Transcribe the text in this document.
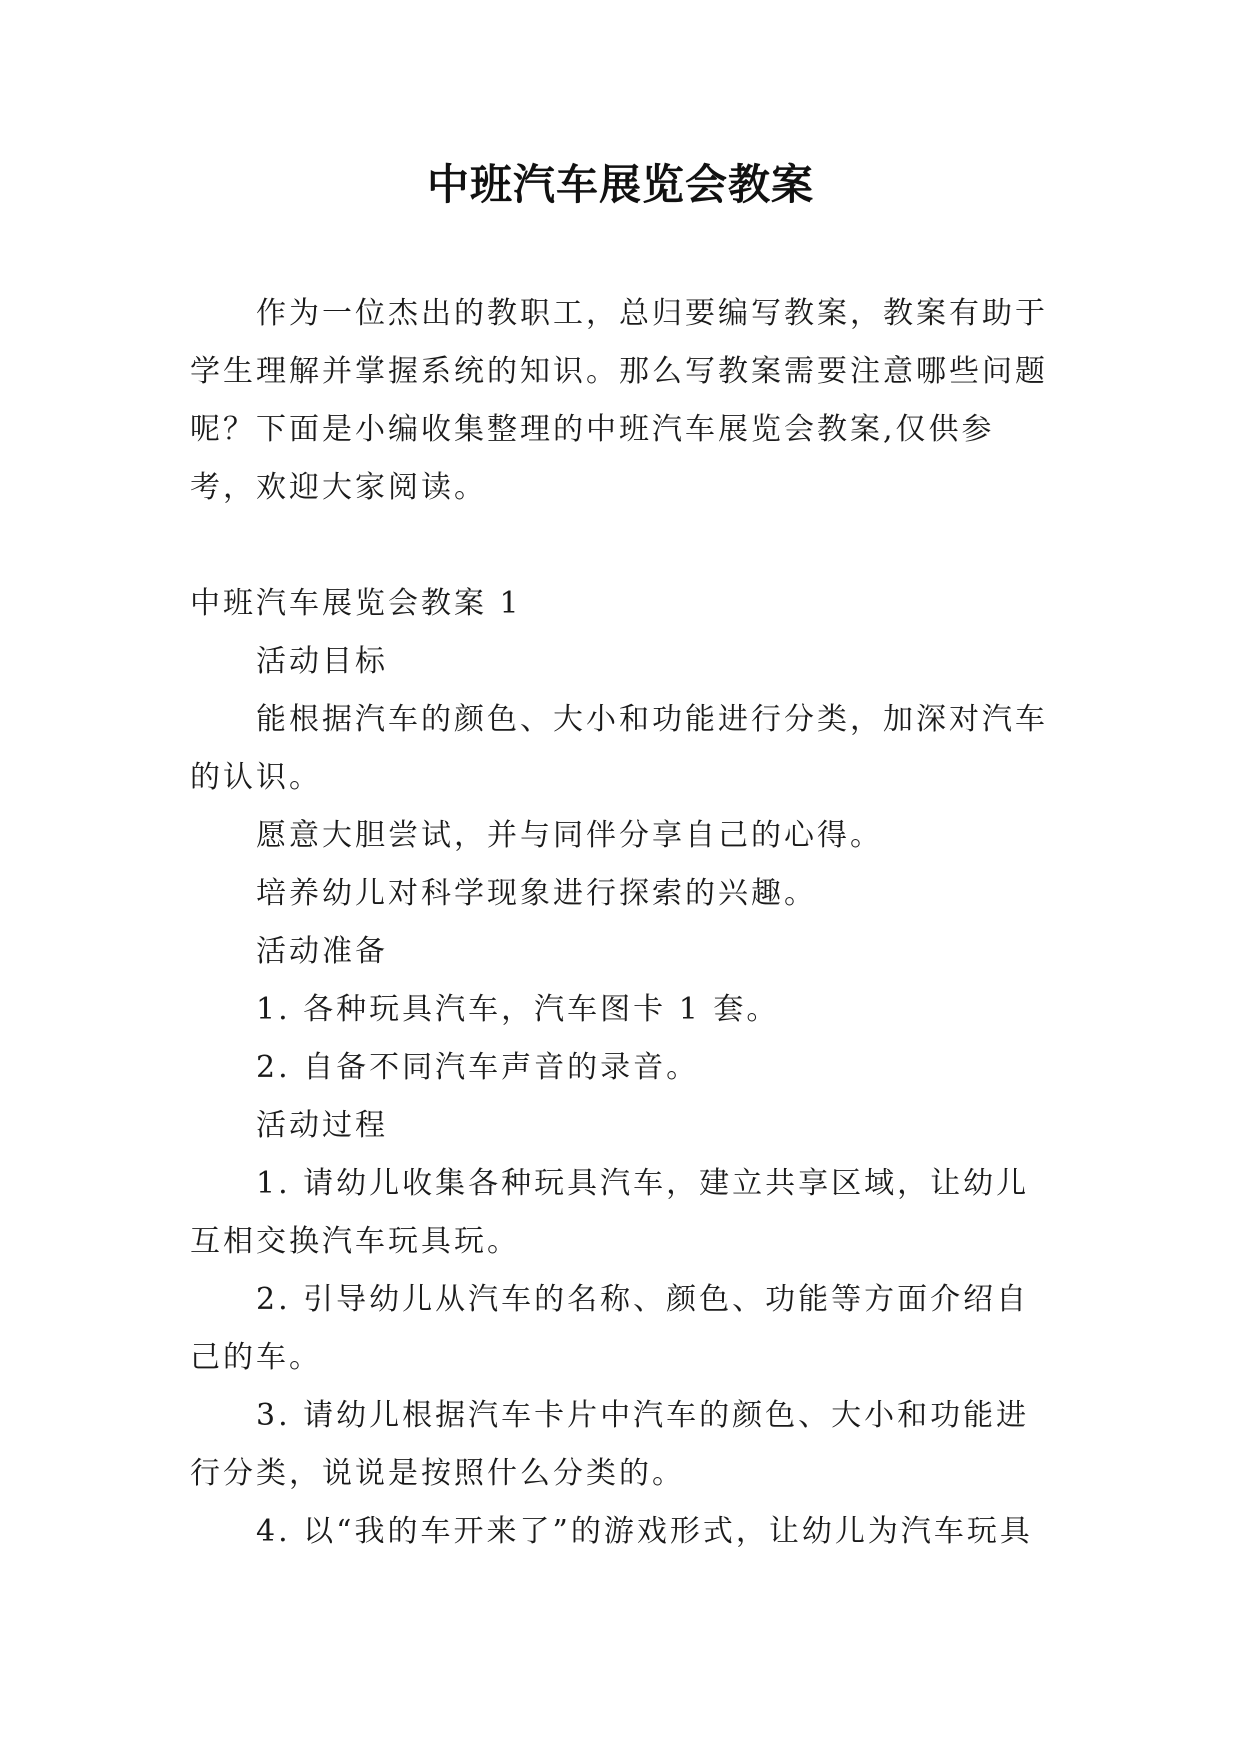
中班汽车展览会教案

作为一位杰出的教职工，总归要编写教案，教案有助于学生理解并掌握系统的知识。那么写教案需要注意哪些问题呢？下面是小编收集整理的中班汽车展览会教案,仅供参考，欢迎大家阅读。

中班汽车展览会教案 1

活动目标

能根据汽车的颜色、大小和功能进行分类，加深对汽车的认识。

愿意大胆尝试，并与同伴分享自己的心得。

培养幼儿对科学现象进行探索的兴趣。

活动准备

1. 各种玩具汽车，汽车图卡 1 套。

2. 自备不同汽车声音的录音。

活动过程

1. 请幼儿收集各种玩具汽车，建立共享区域，让幼儿互相交换汽车玩具玩。

2. 引导幼儿从汽车的名称、颜色、功能等方面介绍自己的车。

3. 请幼儿根据汽车卡片中汽车的颜色、大小和功能进行分类，说说是按照什么分类的。

4. 以“我的车开来了”的游戏形式，让幼儿为汽车玩具
